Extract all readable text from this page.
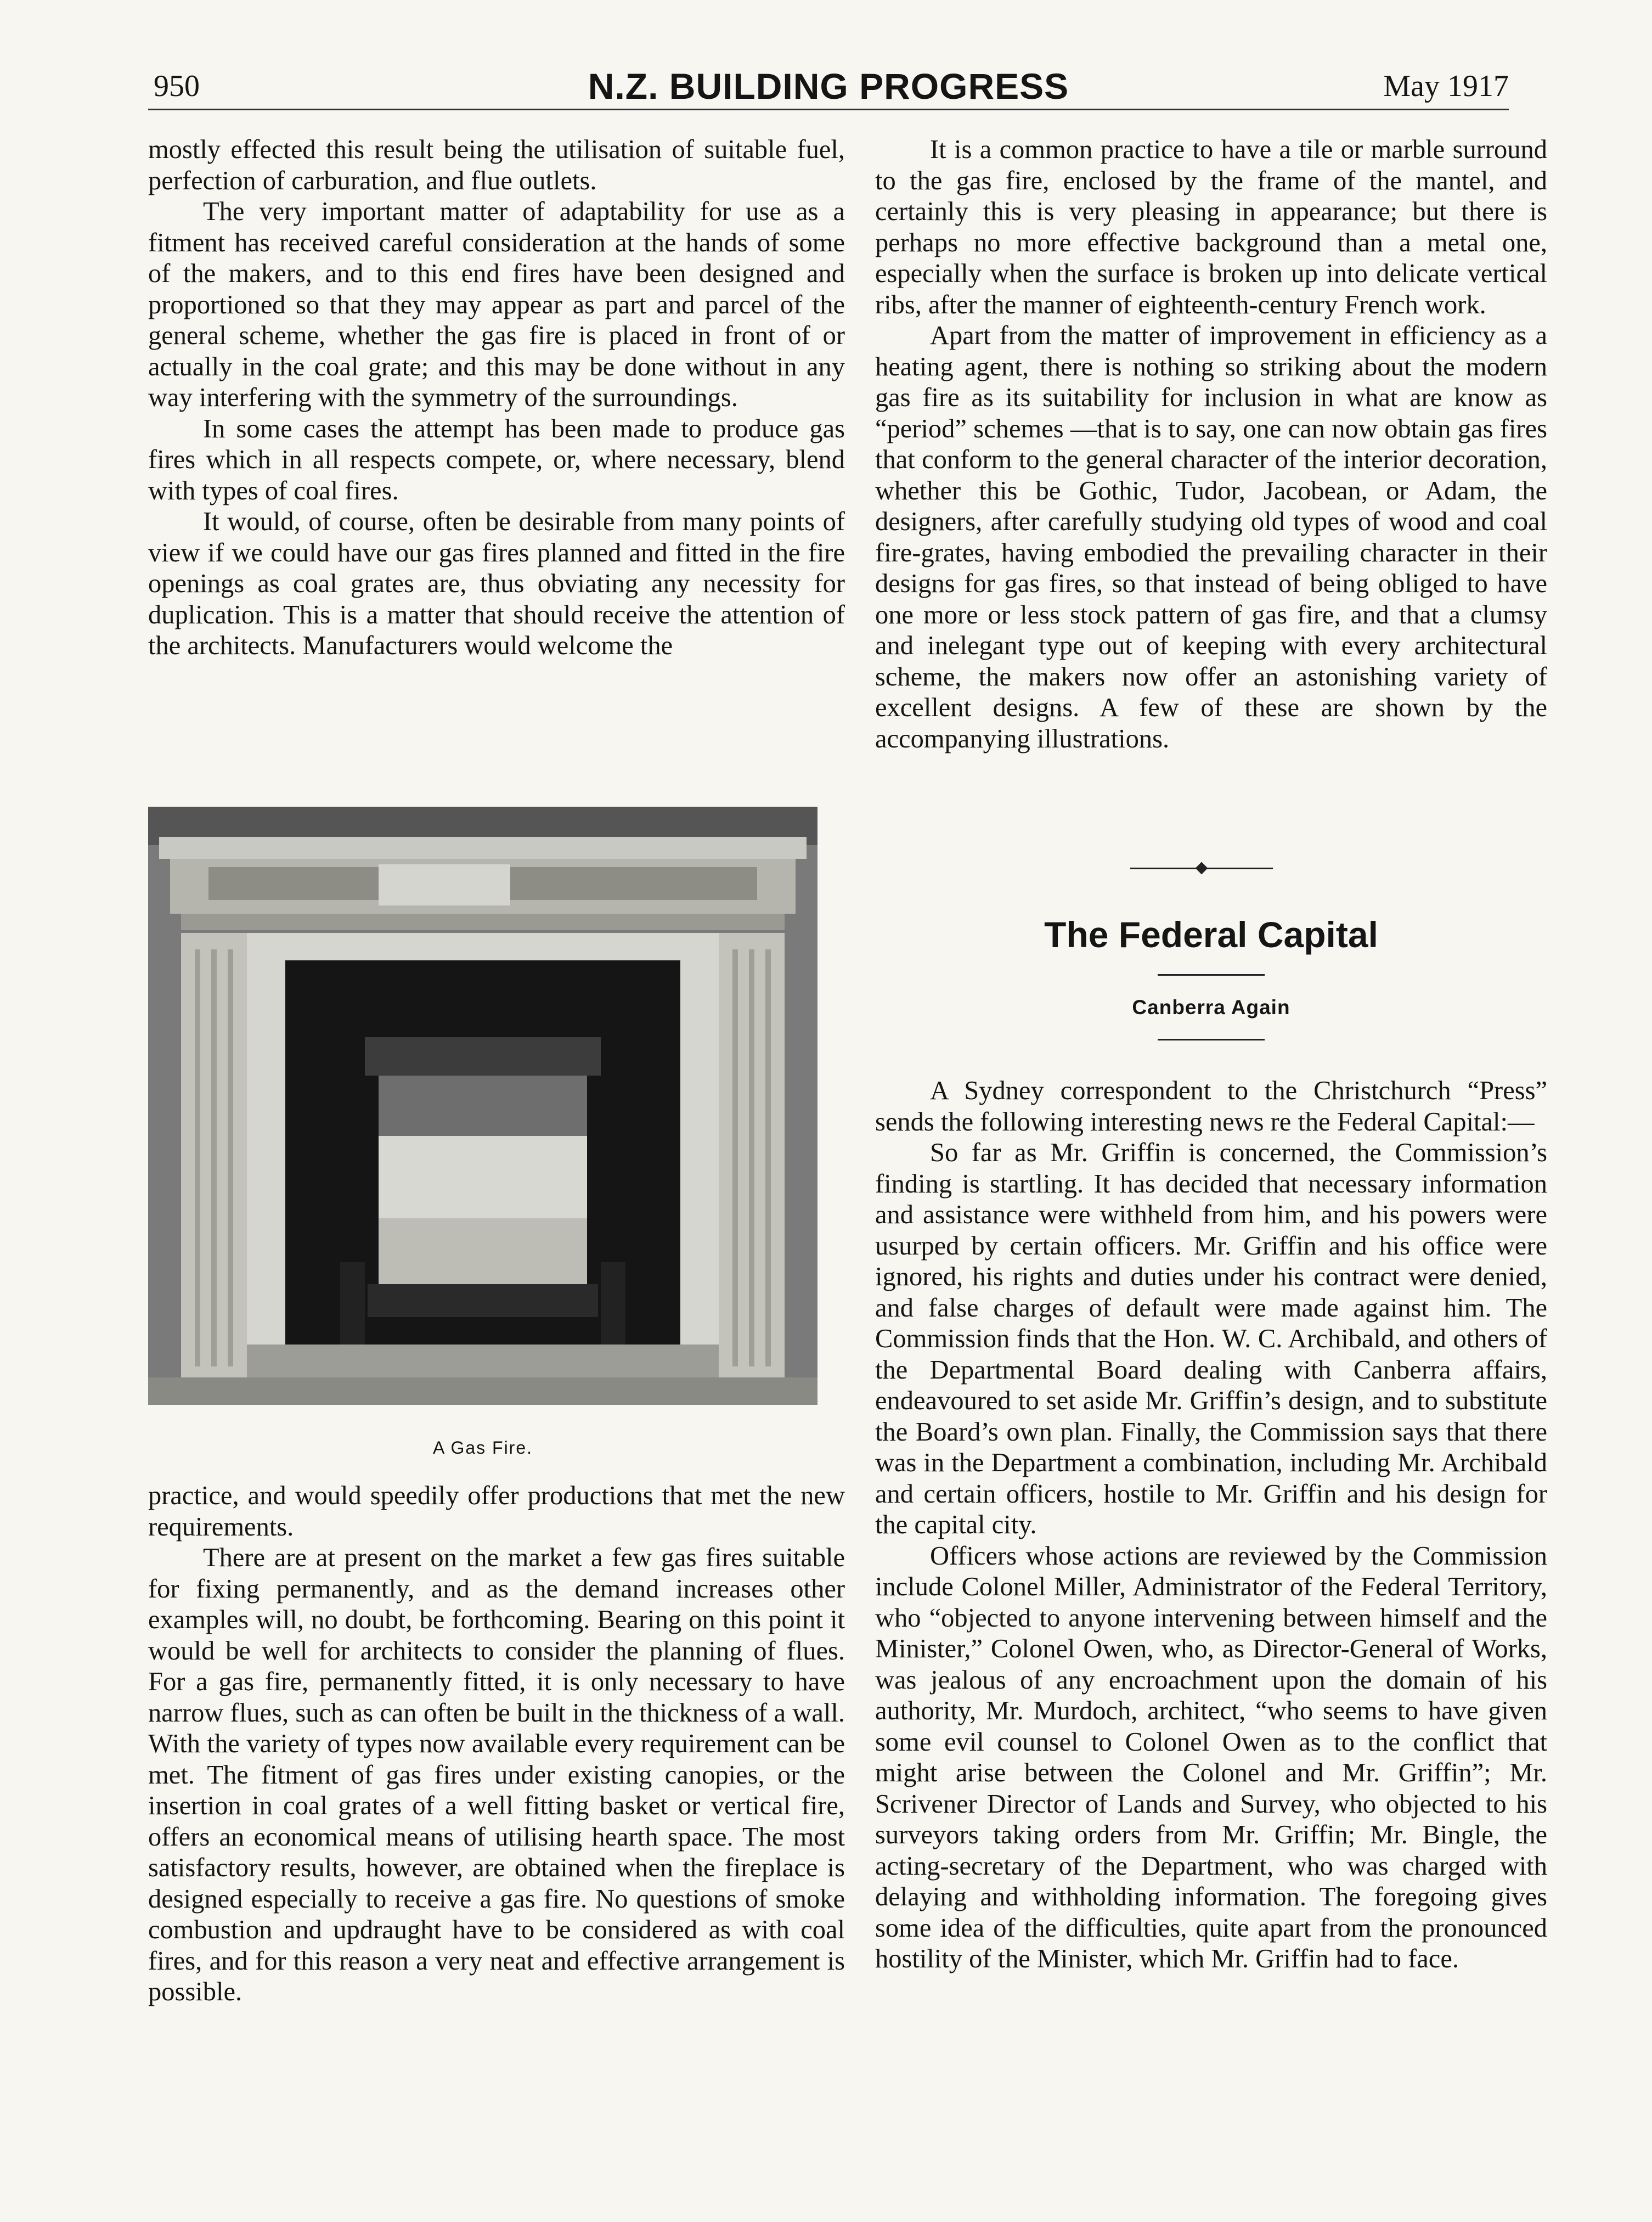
950	N.Z. BUILDING PROGRESS	May 1917

mostly effected this result being the utilisation of suitable fuel, perfection of carburation, and flue outlets.

The very important matter of adaptability for use as a fitment has received careful consideration at the hands of some of the makers, and to this end fires have been designed and proportioned so that they may appear as part and parcel of the general scheme, whether the gas fire is placed in front of or actually in the coal grate; and this may be done without in any way interfering with the symmetry of the surroundings.

In some cases the attempt has been made to produce gas fires which in all respects compete, or, where necessary, blend with types of coal fires.

It would, of course, often be desirable from many points of view if we could have our gas fires planned and fitted in the fire openings as coal grates are, thus obviating any necessity for duplication. This is a matter that should receive the attention of the architects. Manufacturers would welcome the

A Gas Fire.

practice, and would speedily offer productions that met the new requirements.

There are at present on the market a few gas fires suitable for fixing permanently, and as the demand increases other examples will, no doubt, be forthcoming. Bearing on this point it would be well for architects to consider the planning of flues. For a gas fire, permanently fitted, it is only necessary to have narrow flues, such as can often be built in the thickness of a wall. With the variety of types now available every requirement can be met. The fitment of gas fires under existing canopies, or the insertion in coal grates of a well fitting basket or vertical fire, offers an economical means of utilising hearth space. The most satisfactory results, however, are obtained when the fireplace is designed especially to receive a gas fire. No questions of smoke combustion and updraught have to be considered as with coal fires, and for this reason a very neat and effective arrangement is possible.

It is a common practice to have a tile or marble surround to the gas fire, enclosed by the frame of the mantel, and certainly this is very pleasing in appearance; but there is perhaps no more effective background than a metal one, especially when the surface is broken up into delicate vertical ribs, after the manner of eighteenth-century French work.

Apart from the matter of improvement in efficiency as a heating agent, there is nothing so striking about the modern gas fire as its suitability for inclusion in what are know as “period” schemes —that is to say, one can now obtain gas fires that conform to the general character of the interior decoration, whether this be Gothic, Tudor, Jacobean, or Adam, the designers, after carefully studying old types of wood and coal fire-grates, having embodied the prevailing character in their designs for gas fires, so that instead of being obliged to have one more or less stock pattern of gas fire, and that a clumsy and inelegant type out of keeping with every architectural scheme, the makers now offer an astonishing variety of excellent designs. A few of these are shown by the accompanying illustrations.

The Federal Capital
Canberra Again

A Sydney correspondent to the Christchurch “Press” sends the following interesting news re the Federal Capital:—

So far as Mr. Griffin is concerned, the Commission’s finding is startling. It has decided that necessary information and assistance were withheld from him, and his powers were usurped by certain officers. Mr. Griffin and his office were ignored, his rights and duties under his contract were denied, and false charges of default were made against him. The Commission finds that the Hon. W. C. Archibald, and others of the Departmental Board dealing with Canberra affairs, endeavoured to set aside Mr. Griffin’s design, and to substitute the Board’s own plan. Finally, the Commission says that there was in the Department a combination, including Mr. Archibald and certain officers, hostile to Mr. Griffin and his design for the capital city.

Officers whose actions are reviewed by the Commission include Colonel Miller, Administrator of the Federal Territory, who “objected to anyone intervening between himself and the Minister,” Colonel Owen, who, as Director-General of Works, was jealous of any encroachment upon the domain of his authority, Mr. Murdoch, architect, “who seems to have given some evil counsel to Colonel Owen as to the conflict that might arise between the Colonel and Mr. Griffin”; Mr. Scrivener Director of Lands and Survey, who objected to his surveyors taking orders from Mr. Griffin; Mr. Bingle, the acting-secretary of the Department, who was charged with delaying and withholding information. The foregoing gives some idea of the difficulties, quite apart from the pronounced hostility of the Minister, which Mr. Griffin had to face.
